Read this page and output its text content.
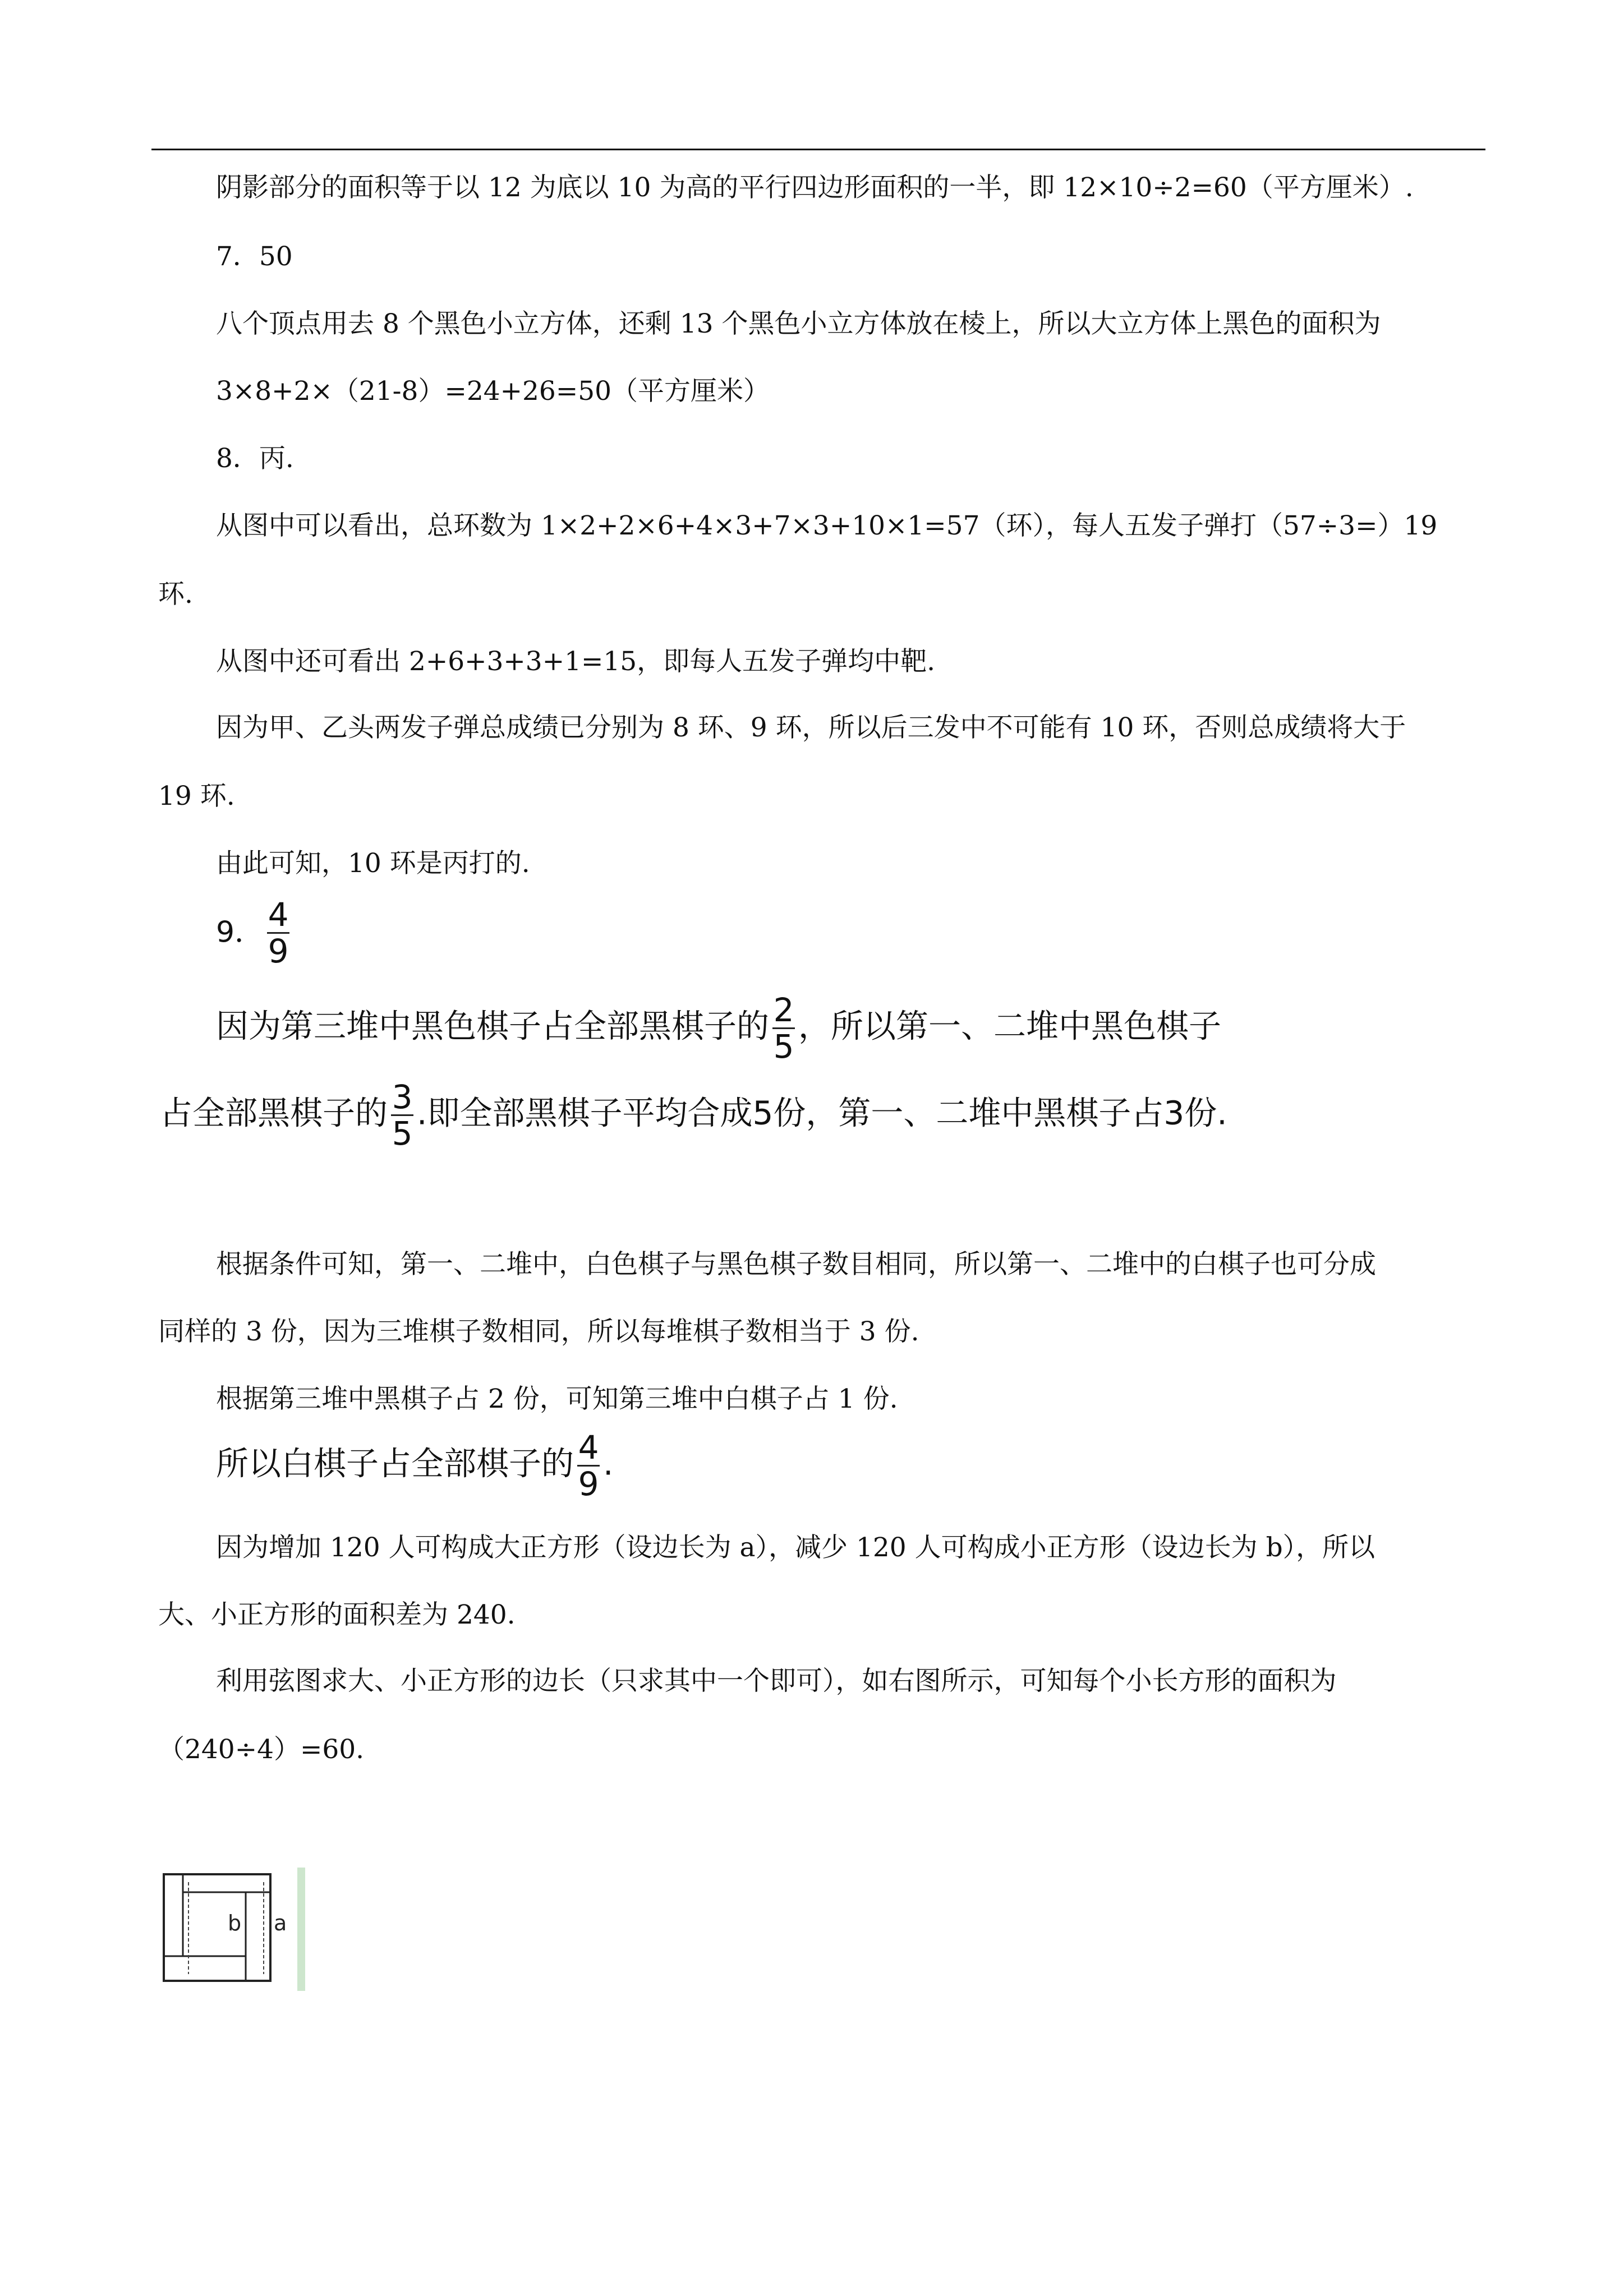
阴影部分的面积等于以 12 为底以 10 为高的平行四边形面积的一半，即 12×10÷2=60（平方厘米）.

7．50

八个顶点用去 8 个黑色小立方体，还剩 13 个黑色小立方体放在棱上，所以大立方体上黑色的面积为

3×8+2×（21-8）=24+26=50（平方厘米）

8．丙.

从图中可以看出，总环数为 1×2+2×6+4×3+7×3+10×1=57（环），每人五发子弹打（57÷3=）19

环.

从图中还可看出 2+6+3+3+1=15，即每人五发子弹均中靶.

因为甲、乙头两发子弹总成绩已分别为 8 环、9 环，所以后三发中不可能有 10 环，否则总成绩将大于

19 环.

由此可知，10 环是丙打的.

9． $\frac{4}{9}$
因为第三堆中黑色棋子占全部黑棋子的 $\frac{2}{5}$ ，所以第一、二堆中黑色棋子
占全部黑棋子的 $\frac{3}{5}$ .即全部黑棋子平均合成5份，第一、二堆中黑棋子占3份.

根据条件可知，第一、二堆中，白色棋子与黑色棋子数目相同，所以第一、二堆中的白棋子也可分成

同样的 3 份，因为三堆棋子数相同，所以每堆棋子数相当于 3 份.

根据第三堆中黑棋子占 2 份，可知第三堆中白棋子占 1 份.

所以白棋子占全部棋子的 $\frac{4}{9}$ .

因为增加 120 人可构成大正方形（设边长为 a），减少 120 人可构成小正方形（设边长为 b），所以

大、小正方形的面积差为 240.

利用弦图求大、小正方形的边长（只求其中一个即可），如右图所示，可知每个小长方形的面积为

（240÷4）=60.

b a
